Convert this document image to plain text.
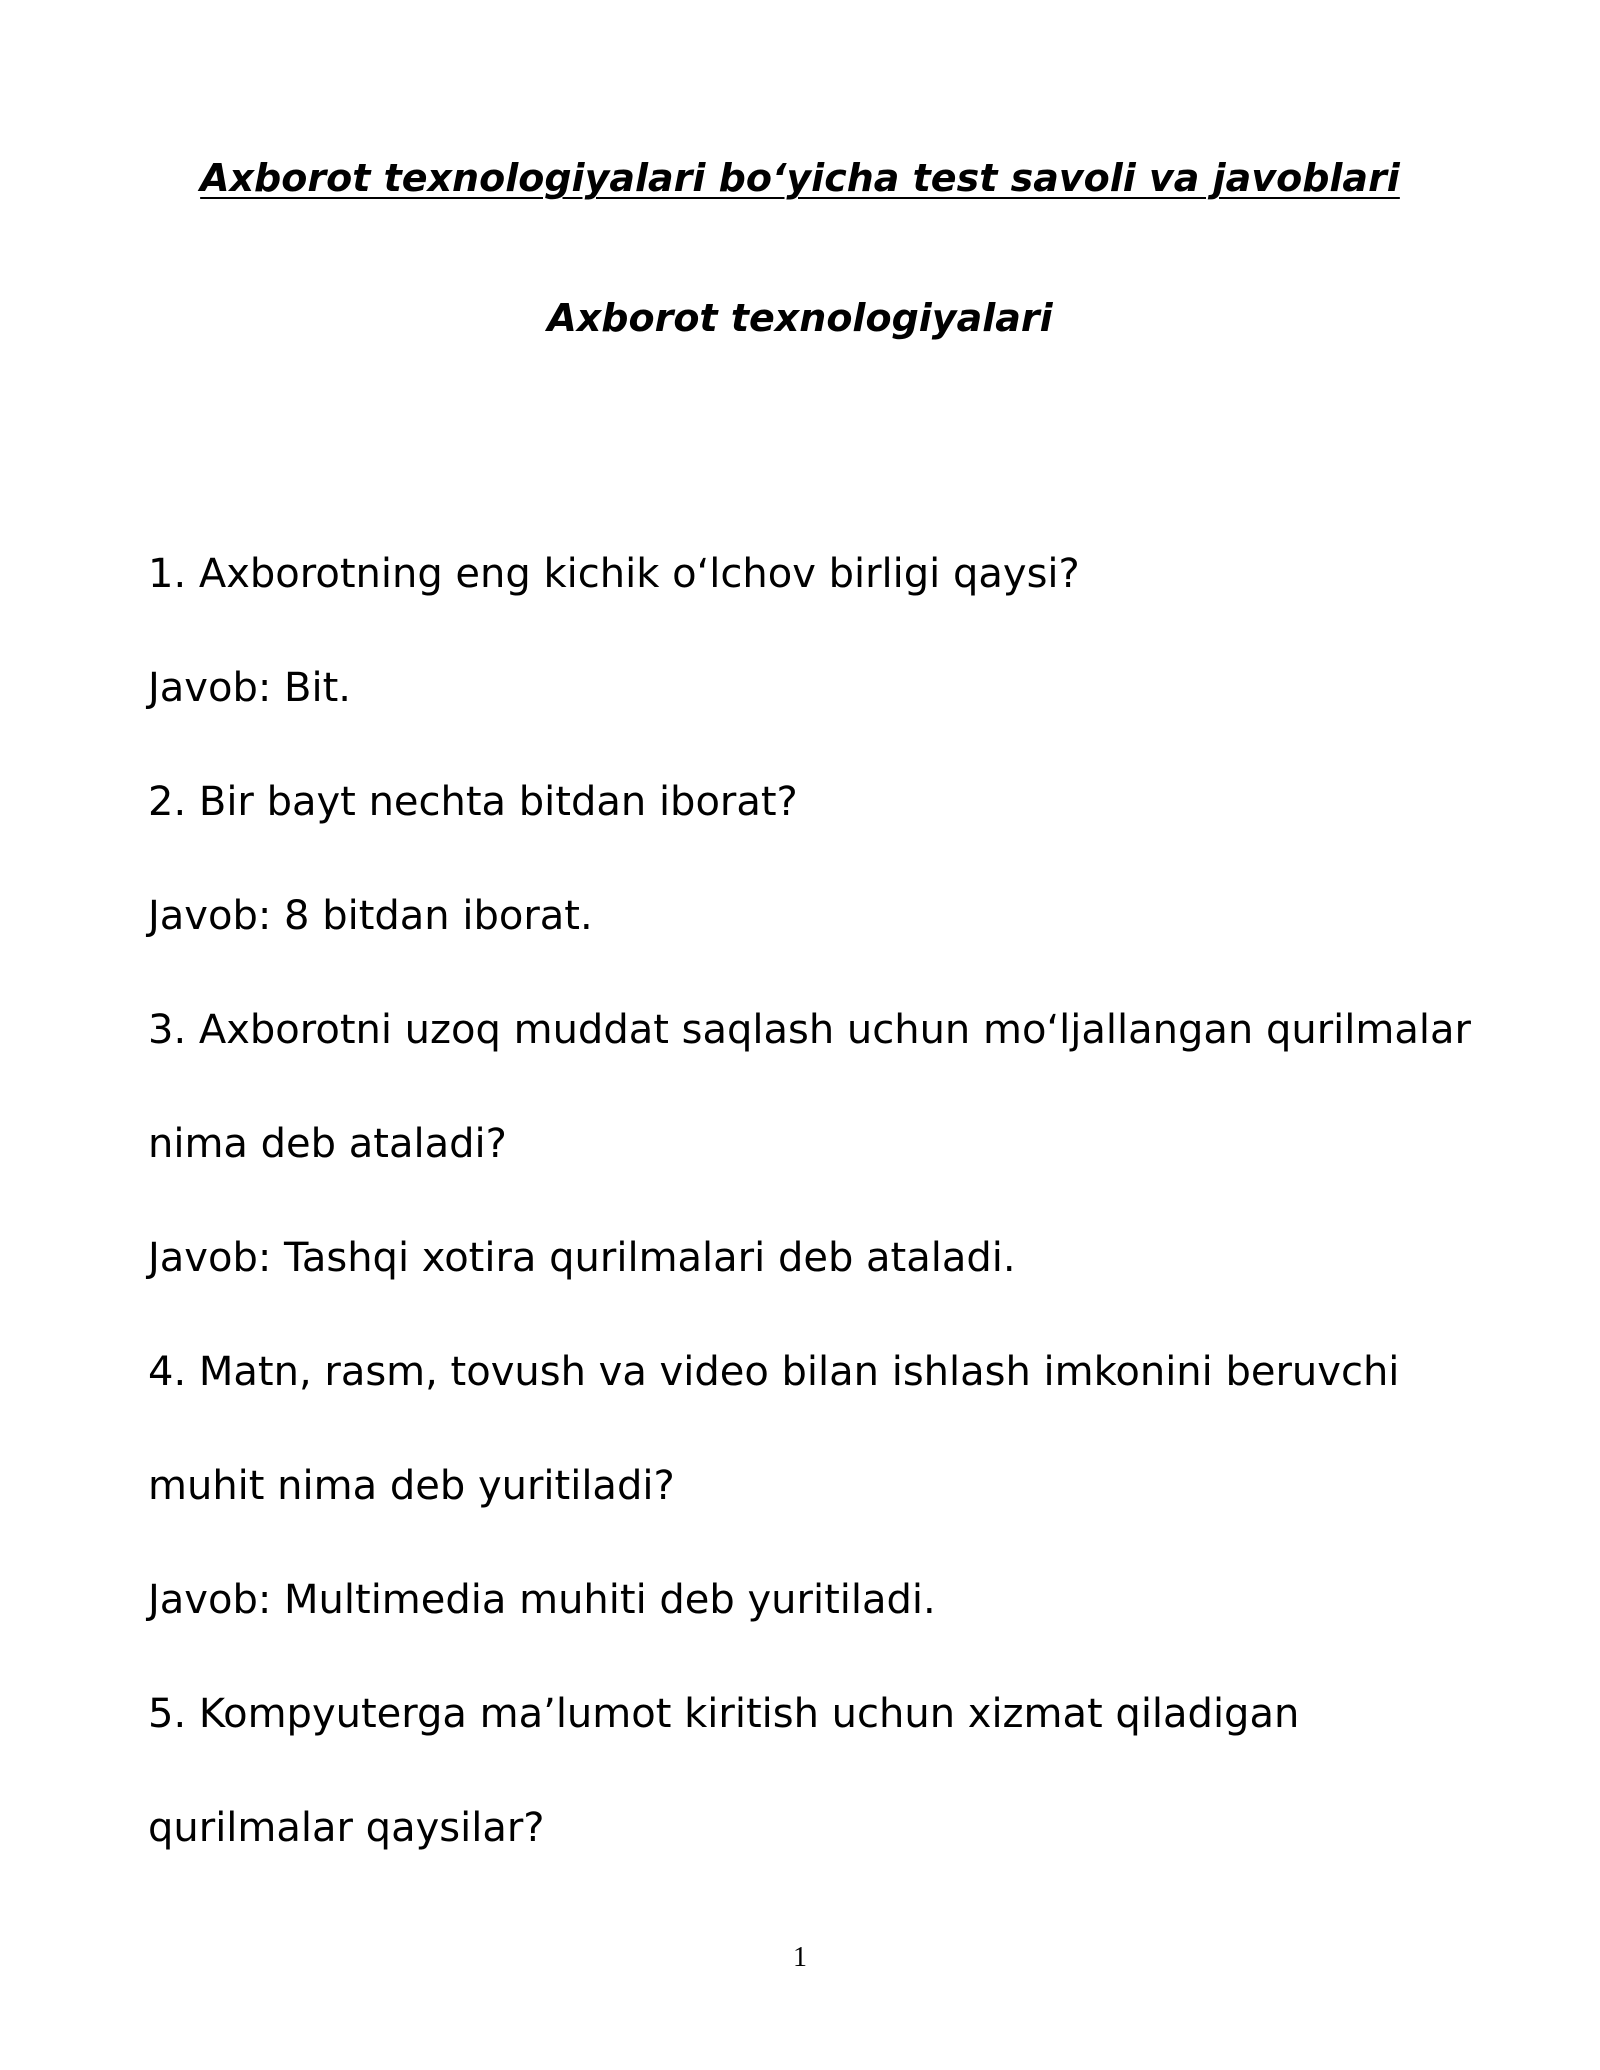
Axborot texnologiyalari bo‘yicha test savoli va javoblari
Axborot texnologiyalari

1. Axborotning eng kichik o‘lchov birligi qaysi?

Javob: Bit.

2. Bir bayt nechta bitdan iborat?

Javob: 8 bitdan iborat.

3. Axborotni uzoq muddat saqlash uchun mo‘ljallangan qurilmalar

nima deb ataladi?

Javob: Tashqi xotira qurilmalari deb ataladi.

4. Matn, rasm, tovush va video bilan ishlash imkonini beruvchi

muhit nima deb yuritiladi?

Javob: Multimedia muhiti deb yuritiladi.

5. Kompyuterga ma’lumot kiritish uchun xizmat qiladigan

qurilmalar qaysilar?

1
